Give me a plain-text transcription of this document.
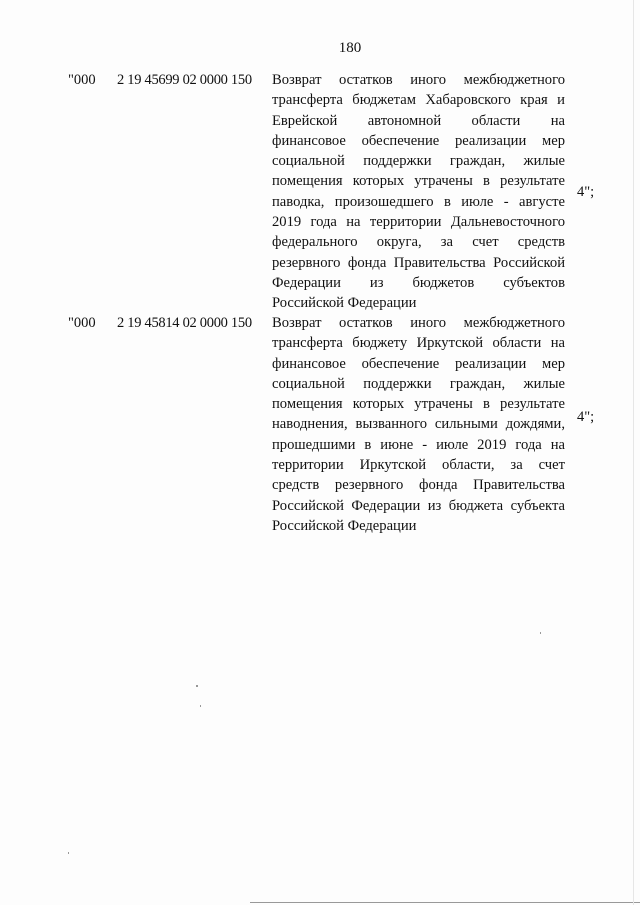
180
"000 2 19 45699 02 0000 150 Возврат остатков иного межбюджетного
трансферта бюджетам Хабаровского края и
Еврейской автономной области на
финансовое обеспечение реализации мер
социальной поддержки граждан, жилые
помещения которых утрачены в результате
паводка, произошедшего в июле - августе
2019 года на территории Дальневосточного
федерального округа, за счет средств
резервного фонда Правительства Российской
Федерации из бюджетов субъектов
Российской Федерации
4";
"000 2 19 45814 02 0000 150 Возврат остатков иного межбюджетного
трансферта бюджету Иркутской области на
финансовое обеспечение реализации мер
социальной поддержки граждан, жилые
помещения которых утрачены в результате
наводнения, вызванного сильными дождями,
прошедшими в июне - июле 2019 года на
территории Иркутской области, за счет
средств резервного фонда Правительства
Российской Федерации из бюджета субъекта
Российской Федерации
4";
